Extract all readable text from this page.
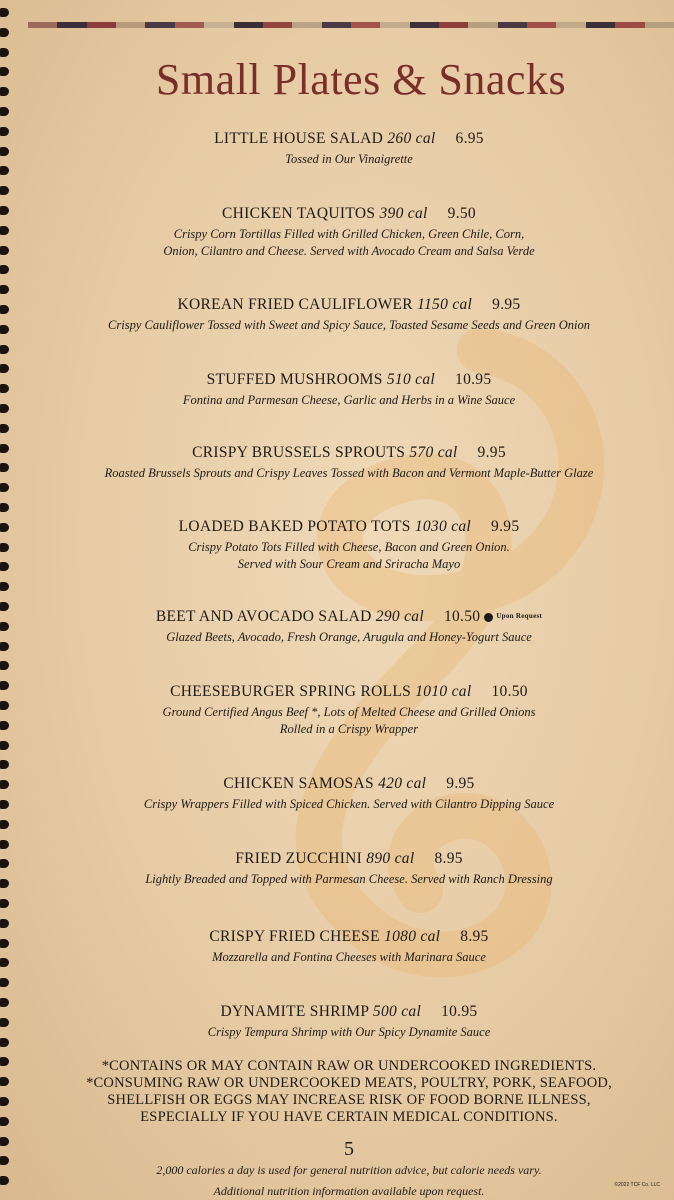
Small Plates & Snacks
LITTLE HOUSE SALAD 260 cal 6.95
Tossed in Our Vinaigrette
CHICKEN TAQUITOS 390 cal 9.50
Crispy Corn Tortillas Filled with Grilled Chicken, Green Chile, Corn,
Onion, Cilantro and Cheese. Served with Avocado Cream and Salsa Verde
KOREAN FRIED CAULIFLOWER 1150 cal 9.95
Crispy Cauliflower Tossed with Sweet and Spicy Sauce, Toasted Sesame Seeds and Green Onion
STUFFED MUSHROOMS 510 cal 10.95
Fontina and Parmesan Cheese, Garlic and Herbs in a Wine Sauce
CRISPY BRUSSELS SPROUTS 570 cal 9.95
Roasted Brussels Sprouts and Crispy Leaves Tossed with Bacon and Vermont Maple-Butter Glaze
LOADED BAKED POTATO TOTS 1030 cal 9.95
Crispy Potato Tots Filled with Cheese, Bacon and Green Onion.
Served with Sour Cream and Sriracha Mayo
BEET AND AVOCADO SALAD 290 cal 10.50 Upon Request
Glazed Beets, Avocado, Fresh Orange, Arugula and Honey-Yogurt Sauce
CHEESEBURGER SPRING ROLLS 1010 cal 10.50
Ground Certified Angus Beef *, Lots of Melted Cheese and Grilled Onions
Rolled in a Crispy Wrapper
CHICKEN SAMOSAS 420 cal 9.95
Crispy Wrappers Filled with Spiced Chicken. Served with Cilantro Dipping Sauce
FRIED ZUCCHINI 890 cal 8.95
Lightly Breaded and Topped with Parmesan Cheese. Served with Ranch Dressing
CRISPY FRIED CHEESE 1080 cal 8.95
Mozzarella and Fontina Cheeses with Marinara Sauce
DYNAMITE SHRIMP 500 cal 10.95
Crispy Tempura Shrimp with Our Spicy Dynamite Sauce
*CONTAINS OR MAY CONTAIN RAW OR UNDERCOOKED INGREDIENTS.
*CONSUMING RAW OR UNDERCOOKED MEATS, POULTRY, PORK, SEAFOOD,
SHELLFISH OR EGGS MAY INCREASE RISK OF FOOD BORNE ILLNESS,
ESPECIALLY IF YOU HAVE CERTAIN MEDICAL CONDITIONS.
5
2,000 calories a day is used for general nutrition advice, but calorie needs vary.
Additional nutrition information available upon request.	©2022 TCF Co. LLC
